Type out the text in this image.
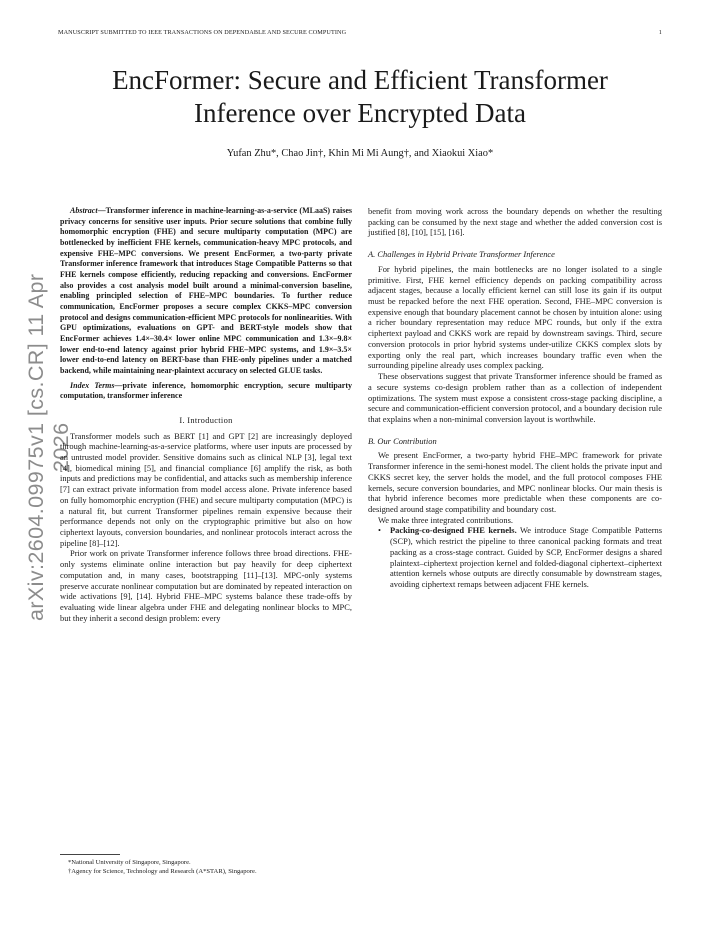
MANUSCRIPT SUBMITTED TO IEEE TRANSACTIONS ON DEPENDABLE AND SECURE COMPUTING	1
EncFormer: Secure and Efficient Transformer
Inference over Encrypted Data
Yufan Zhu*, Chao Jin†, Khin Mi Mi Aung†, and Xiaokui Xiao*
arXiv:2604.09975v1 [cs.CR] 11 Apr 2026

Abstract—Transformer inference in machine-learning-as-a-service (MLaaS) raises privacy concerns for sensitive user inputs. Prior secure solutions that combine fully homomorphic encryption (FHE) and secure multiparty computation (MPC) are bottlenecked by inefficient FHE kernels, communication-heavy MPC protocols, and expensive FHE–MPC conversions. We present EncFormer, a two-party private Transformer inference framework that introduces Stage Compatible Patterns so that FHE kernels compose efficiently, reducing repacking and conversions. EncFormer also provides a cost analysis model built around a minimal-conversion baseline, enabling principled selection of FHE–MPC boundaries. To further reduce communication, EncFormer proposes a secure complex CKKS–MPC conversion protocol and designs communication-efficient MPC protocols for nonlinearities. With GPU optimizations, evaluations on GPT- and BERT-style models show that EncFormer achieves 1.4×–30.4× lower online MPC communication and 1.3×–9.8× lower end-to-end latency against prior hybrid FHE–MPC systems, and 1.9×–3.5× lower end-to-end latency on BERT-base than FHE-only pipelines under a matched backend, while maintaining near-plaintext accuracy on selected GLUE tasks.

Index Terms—private inference, homomorphic encryption, secure multiparty computation, transformer inference

I. Introduction

Transformer models such as BERT [1] and GPT [2] are increasingly deployed through machine-learning-as-a-service platforms, where user inputs are processed by an untrusted model provider. Sensitive domains such as clinical NLP [3], legal text [4], biomedical mining [5], and financial compliance [6] amplify the risk, as both inputs and predictions may be confidential, and attacks such as membership inference [7] can extract private information from model access alone. Private inference based on fully homomorphic encryption (FHE) and secure multiparty computation (MPC) is a natural fit, but current Transformer pipelines remain expensive because their performance depends not only on the cryptographic primitive but also on how ciphertext layouts, conversion boundaries, and nonlinear protocols interact across the pipeline [8]–[12].

Prior work on private Transformer inference follows three broad directions. FHE-only systems eliminate online interaction but pay heavily for deep ciphertext computation and, in many cases, bootstrapping [11]–[13]. MPC-only systems preserve accurate nonlinear computation but are dominated by repeated interaction on wide activations [9], [14]. Hybrid FHE–MPC systems balance these trade-offs by evaluating wide linear algebra under FHE and delegating nonlinear blocks to MPC, but they inherit a second design problem: every

benefit from moving work across the boundary depends on whether the resulting packing can be consumed by the next stage and whether the added conversion cost is justified [8], [10], [15], [16].

A. Challenges in Hybrid Private Transformer Inference

For hybrid pipelines, the main bottlenecks are no longer isolated to a single primitive. First, FHE kernel efficiency depends on packing compatibility across adjacent stages, because a locally efficient kernel can still lose its gain if its output must be repacked before the next FHE operation. Second, FHE–MPC conversion is expensive enough that boundary placement cannot be chosen by intuition alone: using a richer boundary representation may reduce MPC rounds, but only if the extra ciphertext payload and CKKS work are repaid by downstream savings. Third, secure conversion protocols in prior hybrid systems under-utilize CKKS complex slots by exporting only the real part, which increases boundary traffic even when the surrounding pipeline already uses complex packing.

These observations suggest that private Transformer inference should be framed as a secure systems co-design problem rather than as a collection of independent optimizations. The system must expose a consistent cross-stage packing discipline, a secure and communication-efficient conversion protocol, and a boundary decision rule that explains when a non-minimal conversion layout is worthwhile.

B. Our Contribution

We present EncFormer, a two-party hybrid FHE–MPC framework for private Transformer inference in the semi-honest model. The client holds the private input and CKKS secret key, the server holds the model, and the full protocol composes FHE kernels, secure conversion boundaries, and MPC nonlinear blocks. Our main thesis is that hybrid inference becomes more predictable when these components are co-designed around stage compatibility and boundary cost.

We make three integrated contributions.

• Packing-co-designed FHE kernels. We introduce Stage Compatible Patterns (SCP), which restrict the pipeline to three canonical packing formats and treat packing as a cross-stage contract. Guided by SCP, EncFormer designs a shared plaintext–ciphertext projection kernel and folded-diagonal ciphertext–ciphertext attention kernels whose outputs are directly consumable by downstream stages, avoiding ciphertext remaps between adjacent FHE kernels.
*National University of Singapore, Singapore.
†Agency for Science, Technology and Research (A*STAR), Singapore.
